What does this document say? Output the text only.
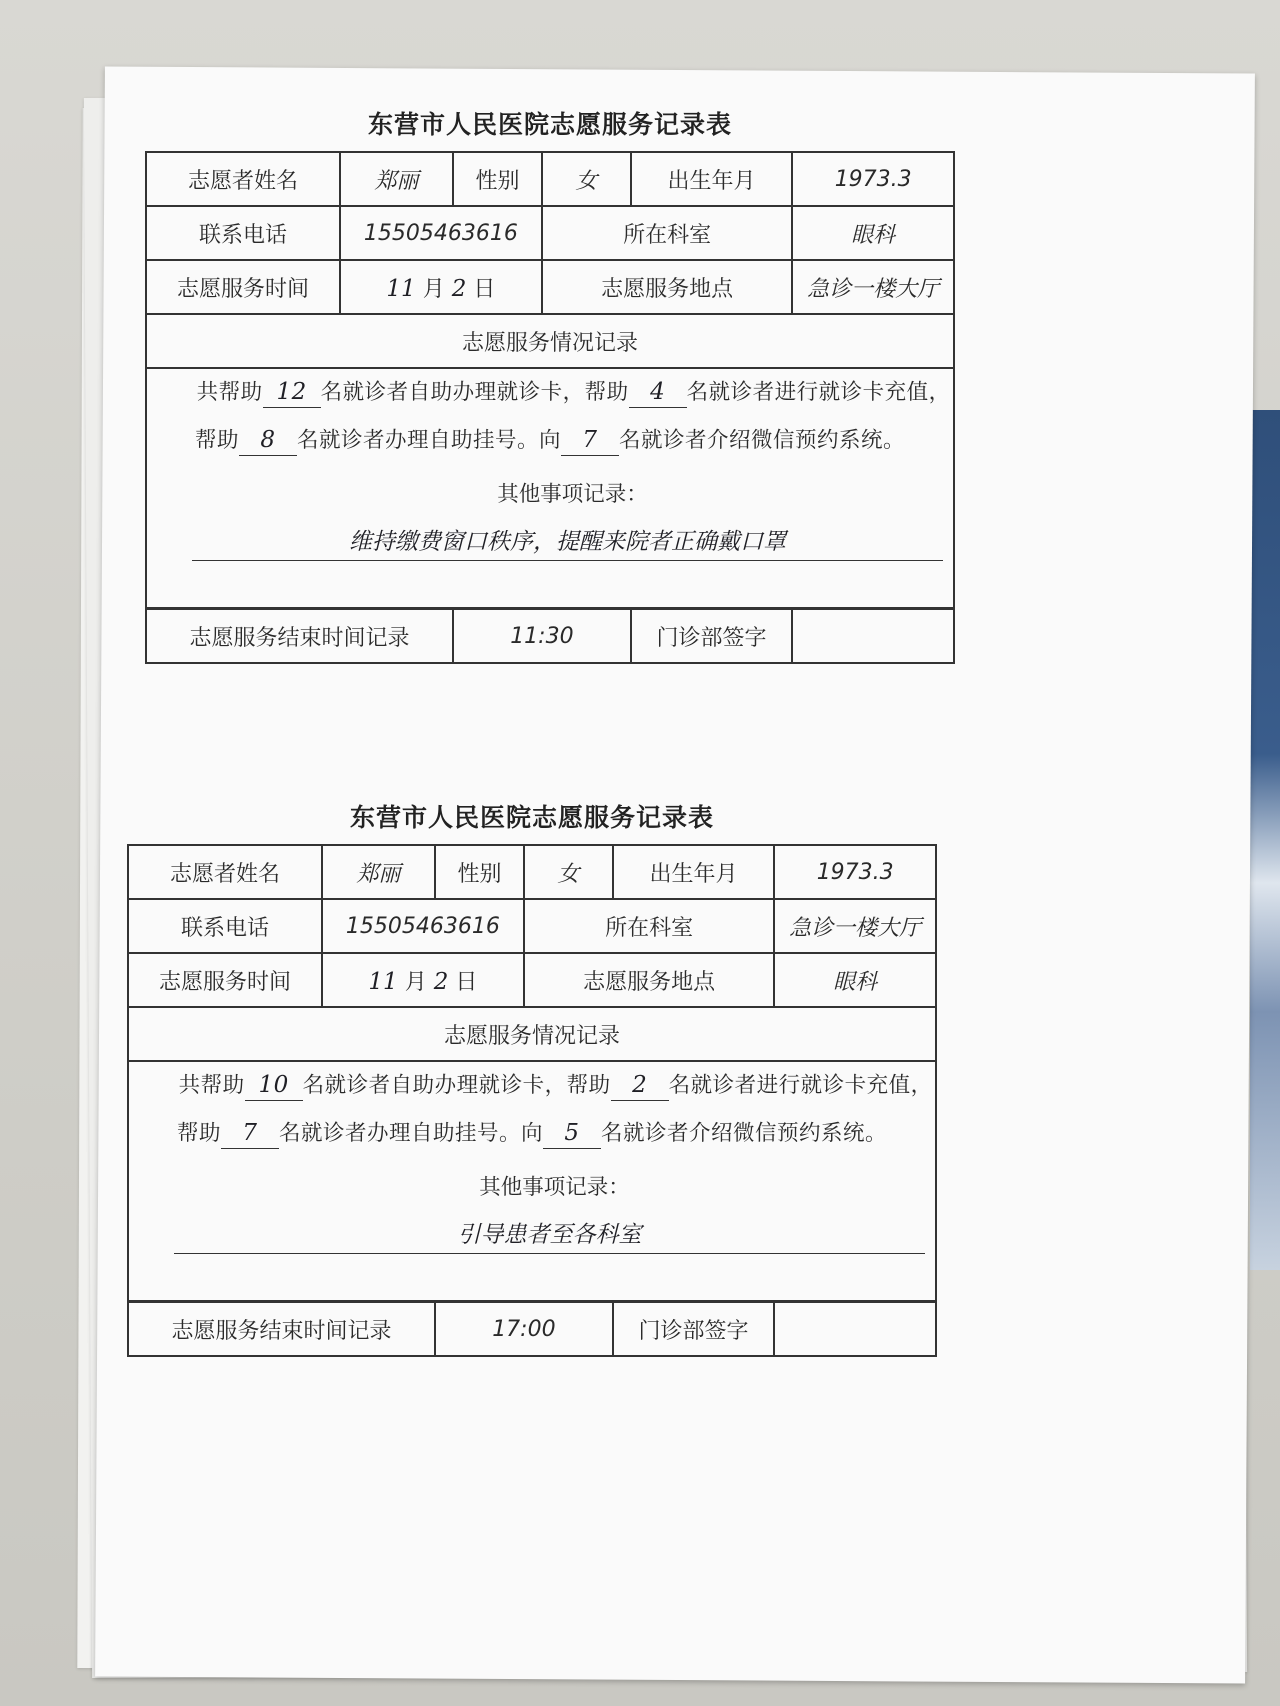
东营市人民医院志愿服务记录表
志愿者姓名	郑丽	性别	女	出生年月	1973.3
联系电话	15505463616		所在科室		眼科
志愿服务时间	11 月 2 日		志愿服务地点		急诊一楼大厅
志愿服务情况记录					

共帮助 12 名就诊者自助办理就诊卡，帮助 4 名就诊者进行就诊卡充值，帮助 8 名就诊者办理自助挂号。向 7 名就诊者介绍微信预约系统。
其他事项记录：
维持缴费窗口秩序，提醒来院者正确戴口罩					

志愿服务结束时间记录		11:30		门诊部签字	
东营市人民医院志愿服务记录表
志愿者姓名	郑丽	性别	女	出生年月	1973.3
联系电话	15505463616		所在科室		急诊一楼大厅
志愿服务时间	11 月 2 日		志愿服务地点		眼科
志愿服务情况记录					

共帮助 10 名就诊者自助办理就诊卡，帮助 2 名就诊者进行就诊卡充值，帮助 7 名就诊者办理自助挂号。向 5 名就诊者介绍微信预约系统。
其他事项记录：
引导患者至各科室					

志愿服务结束时间记录		17:00		门诊部签字	
